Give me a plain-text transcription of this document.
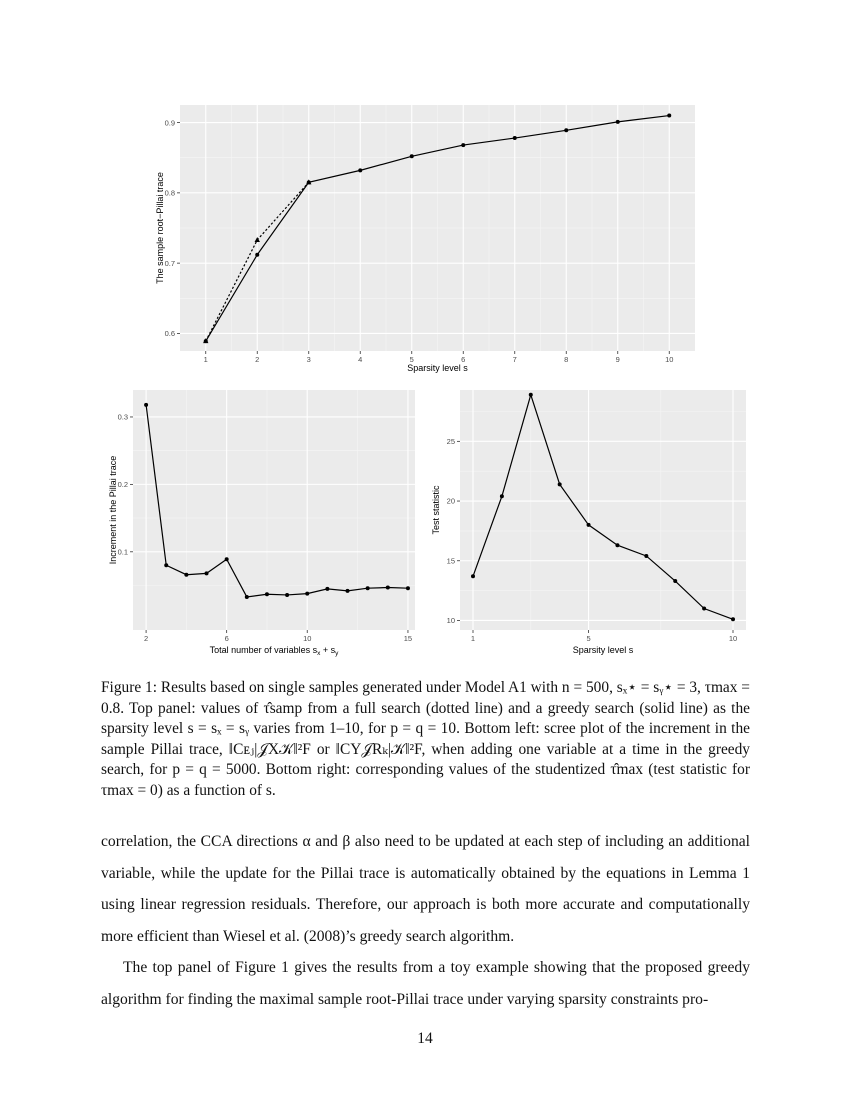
1	2	3	4	5	6	7	8	9	10
0.6
0.7
0.8
0.9
Sparsity level s
The sample root−Pillai trace
2	6	10	15
0.1
0.2
0.3
Total number of variables $s_x + s_y$
Increment in the Pillai trace
1	5	10
10
15
20
25
Sparsity level s
Test statistic
Figure 1: Results based on single samples generated under Model A1 with n = 500, sₓ⋆ = sᵧ⋆ = 3, τmax = 0.8. Top panel: values of τ̂samp from a full search (dotted line) and a greedy search (solid line) as the sparsity level s = sₓ = sᵧ varies from 1–10, for p = q = 10. Bottom left: scree plot of the increment in the sample Pillai trace, ‖Cᴇⱼ|𝒥X𝒦‖²F or ‖CY𝒥Rₖ|𝒦‖²F, when adding one variable at a time in the greedy search, for p = q = 5000. Bottom right: corresponding values of the studentized τ̂max (test statistic for τmax = 0) as a function of s.

correlation, the CCA directions α and β also need to be updated at each step of including an additional variable, while the update for the Pillai trace is automatically obtained by the equations in Lemma 1 using linear regression residuals. Therefore, our approach is both more accurate and computationally more efficient than Wiesel et al. (2008)’s greedy search algorithm.

The top panel of Figure 1 gives the results from a toy example showing that the proposed greedy algorithm for finding the maximal sample root-Pillai trace under varying sparsity constraints pro-

14
